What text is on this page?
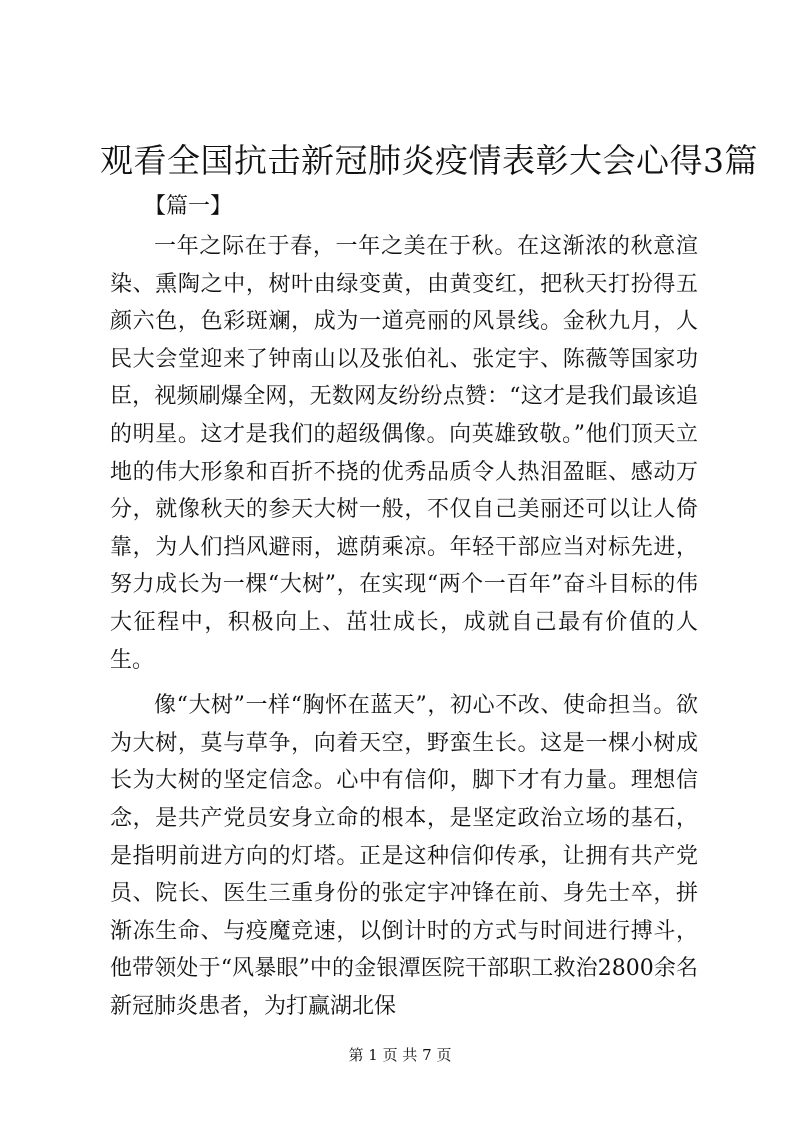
观看全国抗击新冠肺炎疫情表彰大会心得3篇
【篇一】

一年之际在于春，一年之美在于秋。在这渐浓的秋意渲染、熏陶之中，树叶由绿变黄，由黄变红，把秋天打扮得五颜六色，色彩斑斓，成为一道亮丽的风景线。金秋九月，人民大会堂迎来了钟南山以及张伯礼、张定宇、陈薇等国家功臣，视频刷爆全网，无数网友纷纷点赞：“这才是我们最该追的明星。这才是我们的超级偶像。向英雄致敬。”他们顶天立地的伟大形象和百折不挠的优秀品质令人热泪盈眶、感动万分，就像秋天的参天大树一般，不仅自己美丽还可以让人倚靠，为人们挡风避雨，遮荫乘凉。年轻干部应当对标先进，努力成长为一棵“大树”，在实现“两个一百年”奋斗目标的伟大征程中，积极向上、茁壮成长，成就自己最有价值的人生。

像“大树”一样“胸怀在蓝天”，初心不改、使命担当。欲为大树，莫与草争，向着天空，野蛮生长。这是一棵小树成长为大树的坚定信念。心中有信仰，脚下才有力量。理想信念，是共产党员安身立命的根本，是坚定政治立场的基石，是指明前进方向的灯塔。正是这种信仰传承，让拥有共产党员、院长、医生三重身份的张定宇冲锋在前、身先士卒，拼渐冻生命、与疫魔竞速，以倒计时的方式与时间进行搏斗，他带领处于“风暴眼”中的金银潭医院干部职工救治2800余名新冠肺炎患者，为打赢湖北保

第 1 页 共 7 页
